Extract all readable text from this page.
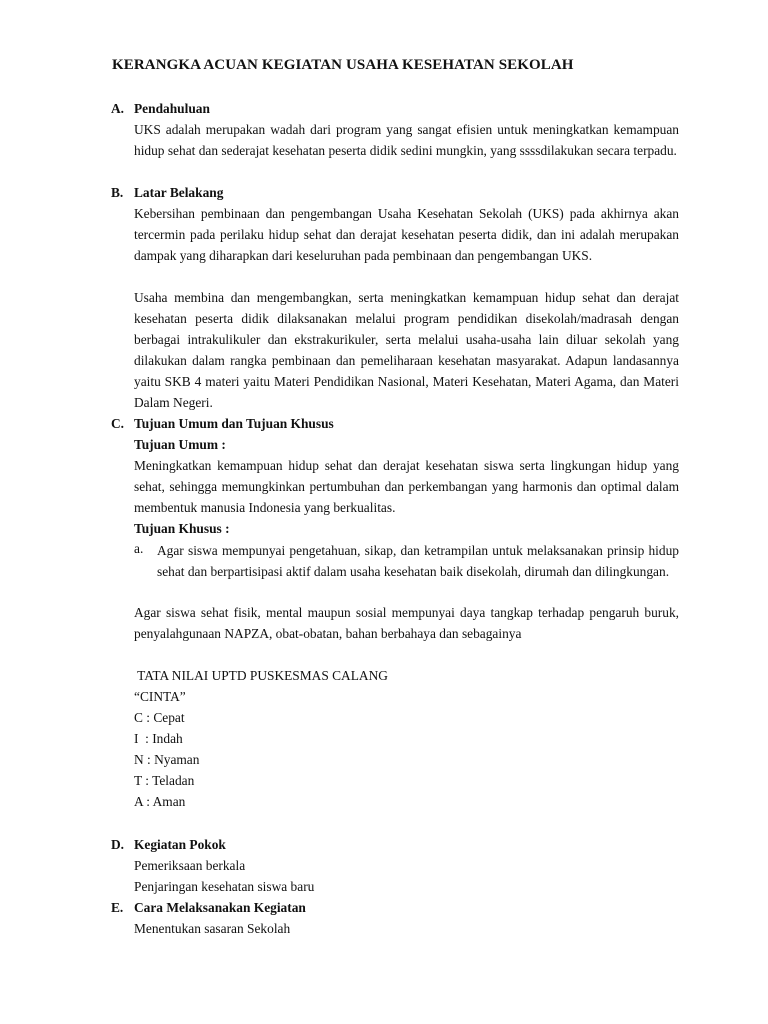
KERANGKA ACUAN KEGIATAN USAHA KESEHATAN SEKOLAH
A. Pendahuluan
UKS adalah merupakan wadah dari program yang sangat efisien untuk meningkatkan kemampuan hidup sehat dan sederajat kesehatan peserta didik sedini mungkin, yang ssssdilakukan secara terpadu.
B. Latar Belakang
Kebersihan pembinaan dan pengembangan Usaha Kesehatan Sekolah (UKS) pada akhirnya akan tercermin pada perilaku hidup sehat dan derajat kesehatan peserta didik, dan ini adalah merupakan dampak yang diharapkan dari keseluruhan pada pembinaan dan pengembangan UKS.
Usaha membina dan mengembangkan, serta meningkatkan kemampuan hidup sehat dan derajat kesehatan peserta didik dilaksanakan melalui program pendidikan disekolah/madrasah dengan berbagai intrakulikuler dan ekstrakurikuler, serta melalui usaha-usaha lain diluar sekolah yang dilakukan dalam rangka pembinaan dan pemeliharaan kesehatan masyarakat. Adapun landasannya yaitu SKB 4 materi yaitu Materi Pendidikan Nasional, Materi Kesehatan, Materi Agama, dan Materi Dalam Negeri.
C. Tujuan Umum dan Tujuan Khusus
Tujuan Umum :
Meningkatkan kemampuan hidup sehat dan derajat kesehatan siswa serta lingkungan hidup yang sehat, sehingga memungkinkan pertumbuhan dan perkembangan yang harmonis dan optimal dalam membentuk manusia Indonesia yang berkualitas.
Tujuan Khusus :
a. Agar siswa mempunyai pengetahuan, sikap, dan ketrampilan untuk melaksanakan prinsip hidup sehat dan berpartisipasi aktif dalam usaha kesehatan baik disekolah, dirumah dan dilingkungan.
Agar siswa sehat fisik, mental maupun sosial mempunyai daya tangkap terhadap pengaruh buruk, penyalahgunaan NAPZA, obat-obatan, bahan berbahaya dan sebagainya
TATA NILAI UPTD PUSKESMAS CALANG
“CINTA”
C : Cepat
I  : Indah
N : Nyaman
T : Teladan
A : Aman
D. Kegiatan Pokok
Pemeriksaan berkala
Penjaringan kesehatan siswa baru
E. Cara Melaksanakan Kegiatan
Menentukan sasaran Sekolah
